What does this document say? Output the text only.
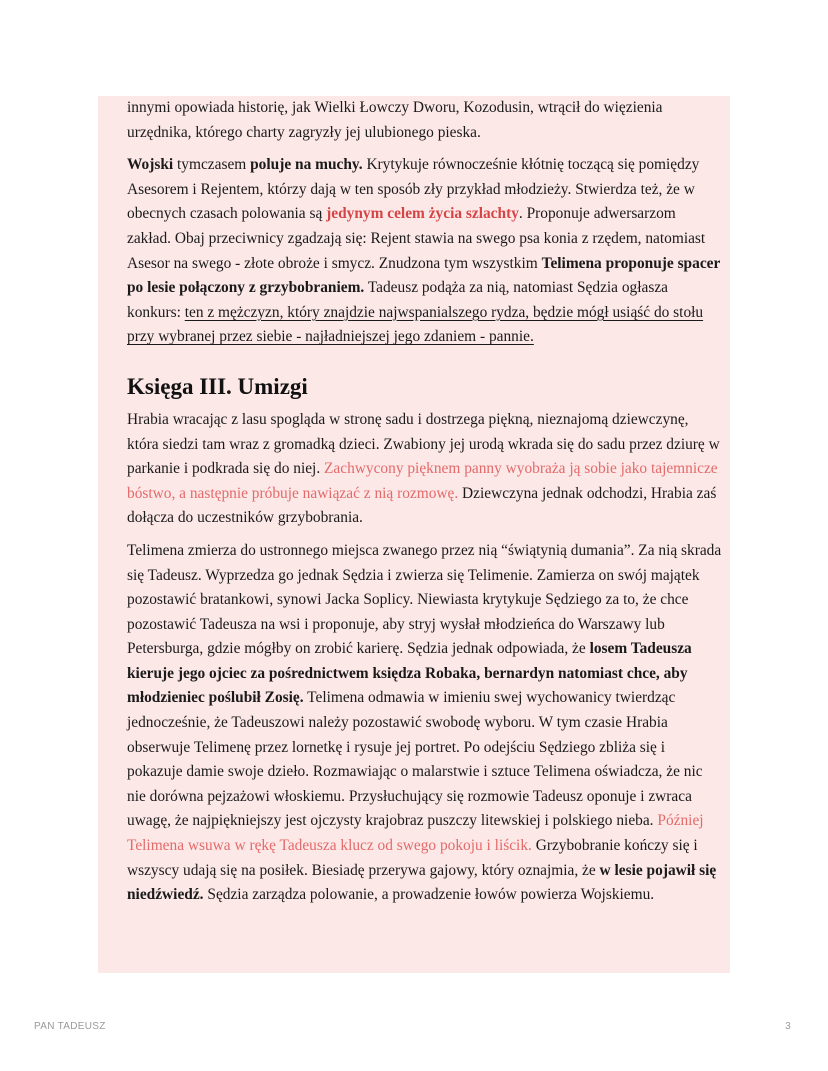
innymi opowiada historię, jak Wielki Łowczy Dworu, Kozodusin, wtrącił do więzienia urzędnika, którego charty zagryzły jej ulubionego pieska.

Wojski tymczasem poluje na muchy. Krytykuje równocześnie kłótnię toczącą się pomiędzy Asesorem i Rejentem, którzy dają w ten sposób zły przykład młodzieży. Stwierdza też, że w obecnych czasach polowania są jedynym celem życia szlachty. Proponuje adwersarzom zakład. Obaj przeciwnicy zgadzają się: Rejent stawia na swego psa konia z rzędem, natomiast Asesor na swego - złote obroże i smycz. Znudzona tym wszystkim Telimena proponuje spacer po lesie połączony z grzybobraniem. Tadeusz podąża za nią, natomiast Sędzia ogłasza konkurs: ten z mężczyzn, który znajdzie najwspanialszego rydza, będzie mógł usiąść do stołu przy wybranej przez siebie - najładniejszej jego zdaniem - pannie.

Księga III. Umizgi

Hrabia wracając z lasu spogląda w stronę sadu i dostrzega piękną, nieznajomą dziewczynę, która siedzi tam wraz z gromadką dzieci. Zwabiony jej urodą wkrada się do sadu przez dziurę w parkanie i podkrada się do niej. Zachwycony pięknem panny wyobraża ją sobie jako tajemnicze bóstwo, a następnie próbuje nawiązać z nią rozmowę. Dziewczyna jednak odchodzi, Hrabia zaś dołącza do uczestników grzybobrania.

Telimena zmierza do ustronnego miejsca zwanego przez nią “świątynią dumania”. Za nią skrada się Tadeusz. Wyprzedza go jednak Sędzia i zwierza się Telimenie. Zamierza on swój majątek pozostawić bratankowi, synowi Jacka Soplicy. Niewiasta krytykuje Sędziego za to, że chce pozostawić Tadeusza na wsi i proponuje, aby stryj wysłał młodzieńca do Warszawy lub Petersburga, gdzie mógłby on zrobić karierę. Sędzia jednak odpowiada, że losem Tadeusza kieruje jego ojciec za pośrednictwem księdza Robaka, bernardyn natomiast chce, aby młodzieniec poślubił Zosię. Telimena odmawia w imieniu swej wychowanicy twierdząc jednocześnie, że Tadeuszowi należy pozostawić swobodę wyboru. W tym czasie Hrabia obserwuje Telimenę przez lornetkę i rysuje jej portret. Po odejściu Sędziego zbliża się i pokazuje damie swoje dzieło. Rozmawiając o malarstwie i sztuce Telimena oświadcza, że nic nie dorówna pejzażowi włoskiemu. Przysłuchujący się rozmowie Tadeusz oponuje i zwraca uwagę, że najpiękniejszy jest ojczysty krajobraz puszczy litewskiej i polskiego nieba. Później Telimena wsuwa w rękę Tadeusza klucz od swego pokoju i liścik. Grzybobranie kończy się i wszyscy udają się na posiłek. Biesiadę przerywa gajowy, który oznajmia, że w lesie pojawił się niedźwiedź. Sędzia zarządza polowanie, a prowadzenie łowów powierza Wojskiemu.

PAN TADEUSZ	3
